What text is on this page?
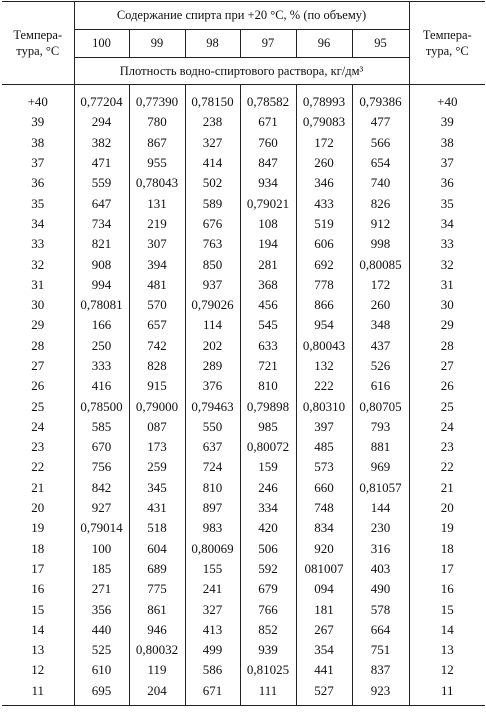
Темпера-
тура, °С	Содержание спирта при +20 °С, % (по объему)						Темпера-
тура, °С
	100	99	98	97	96	95	
	Плотность водно-спиртового раствора, кг/дм³						
+40	0,77204	0,77390	0,78150	0,78582	0,78993	0,79386	+40
39	294	780	238	671	0,79083	477	39
38	382	867	327	760	172	566	38
37	471	955	414	847	260	654	37
36	559	0,78043	502	934	346	740	36
35	647	131	589	0,79021	433	826	35
34	734	219	676	108	519	912	34
33	821	307	763	194	606	998	33
32	908	394	850	281	692	0,80085	32
31	994	481	937	368	778	172	31
30	0,78081	570	0,79026	456	866	260	30
29	166	657	114	545	954	348	29
28	250	742	202	633	0,80043	437	28
27	333	828	289	721	132	526	27
26	416	915	376	810	222	616	26
25	0,78500	0,79000	0,79463	0,79898	0,80310	0,80705	25
24	585	087	550	985	397	793	24
23	670	173	637	0,80072	485	881	23
22	756	259	724	159	573	969	22
21	842	345	810	246	660	0,81057	21
20	927	431	897	334	748	144	20
19	0,79014	518	983	420	834	230	19
18	100	604	0,80069	506	920	316	18
17	185	689	155	592	081007	403	17
16	271	775	241	679	094	490	16
15	356	861	327	766	181	578	15
14	440	946	413	852	267	664	14
13	525	0,80032	499	939	354	751	13
12	610	119	586	0,81025	441	837	12
11	695	204	671	111	527	923	11
